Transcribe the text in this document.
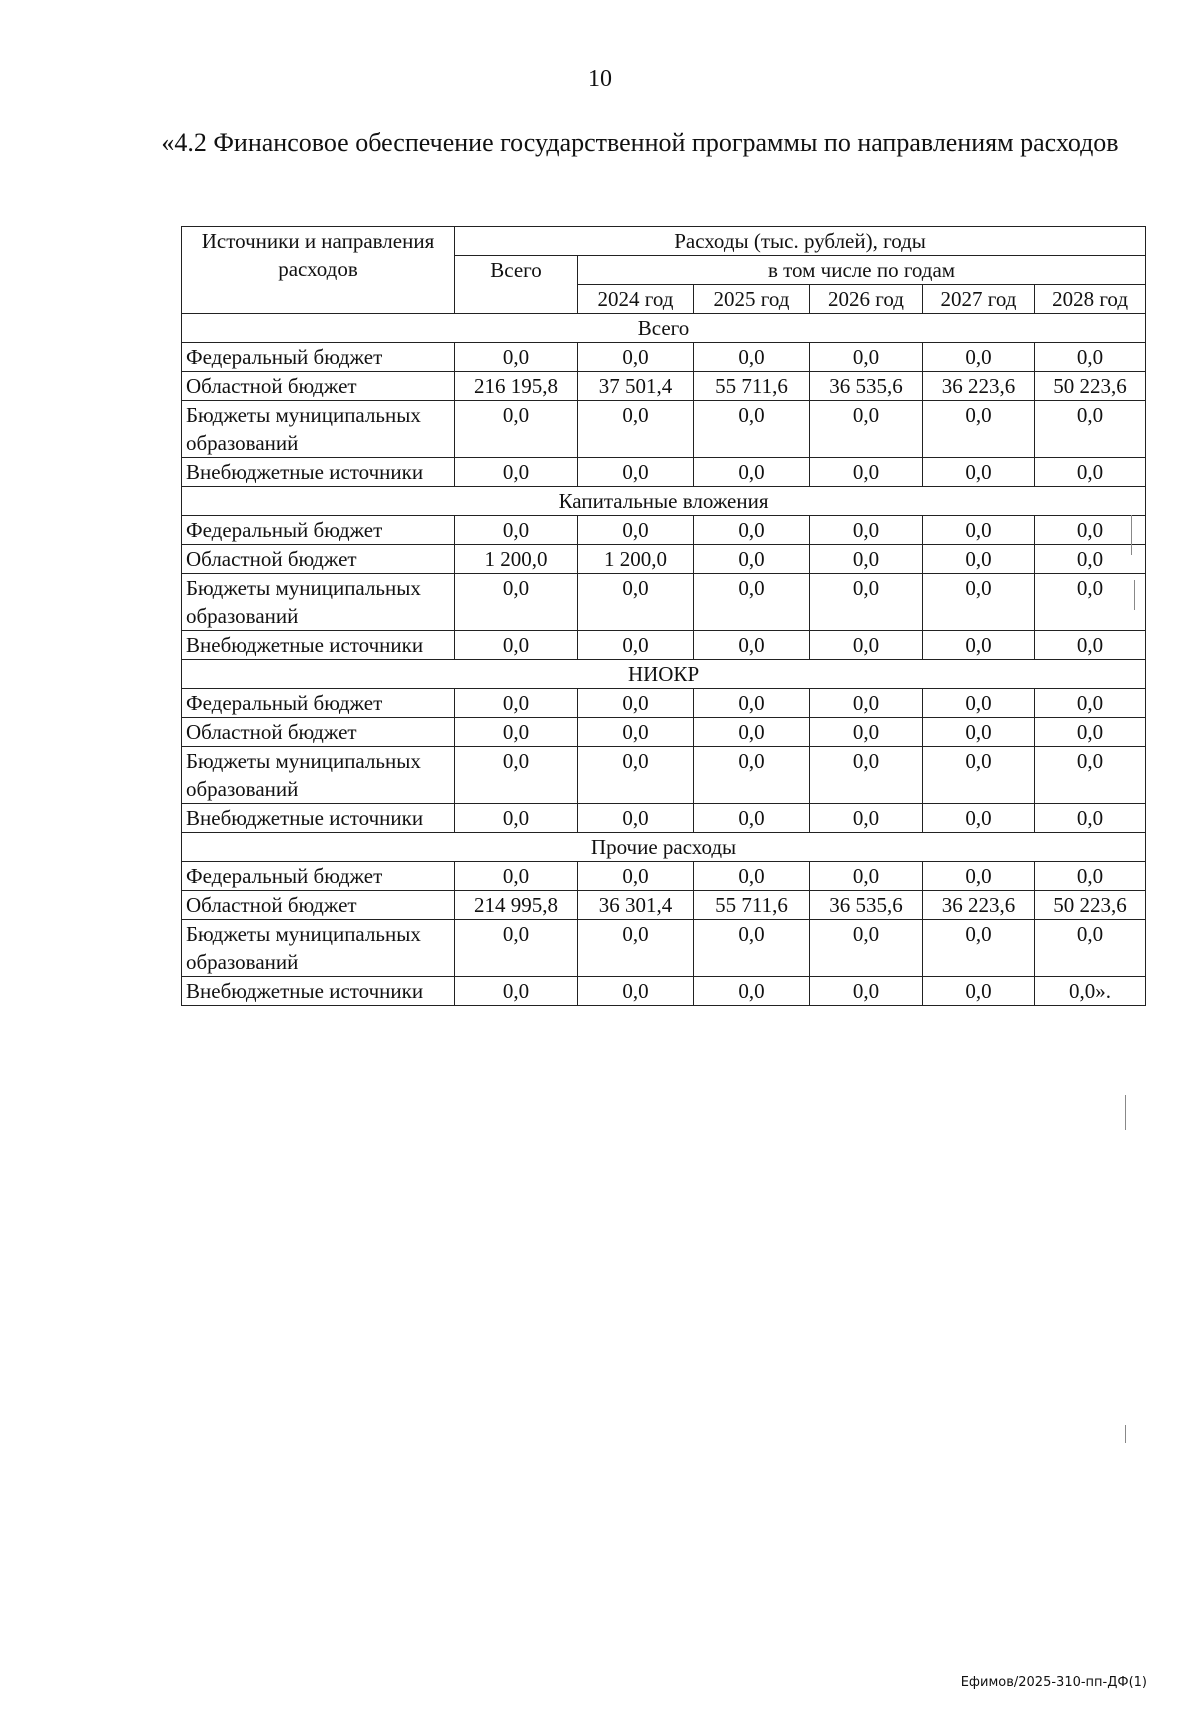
10
«4.2 Финансовое обеспечение государственной программы по направлениям расходов
Источники и направления расходов	Расходы (тыс. рублей), годы					
	Всего	в том числе по годам				
		2024 год	2025 год	2026 год	2027 год	2028 год
Всего						
Федеральный бюджет	0,0	0,0	0,0	0,0	0,0	0,0
Областной бюджет	216 195,8	37 501,4	55 711,6	36 535,6	36 223,6	50 223,6
Бюджеты муниципальных образований	0,0	0,0	0,0	0,0	0,0	0,0
Внебюджетные источники	0,0	0,0	0,0	0,0	0,0	0,0
Капитальные вложения						
Федеральный бюджет	0,0	0,0	0,0	0,0	0,0	0,0
Областной бюджет	1 200,0	1 200,0	0,0	0,0	0,0	0,0
Бюджеты муниципальных образований	0,0	0,0	0,0	0,0	0,0	0,0
Внебюджетные источники	0,0	0,0	0,0	0,0	0,0	0,0
НИОКР						
Федеральный бюджет	0,0	0,0	0,0	0,0	0,0	0,0
Областной бюджет	0,0	0,0	0,0	0,0	0,0	0,0
Бюджеты муниципальных образований	0,0	0,0	0,0	0,0	0,0	0,0
Внебюджетные источники	0,0	0,0	0,0	0,0	0,0	0,0
Прочие расходы						
Федеральный бюджет	0,0	0,0	0,0	0,0	0,0	0,0
Областной бюджет	214 995,8	36 301,4	55 711,6	36 535,6	36 223,6	50 223,6
Бюджеты муниципальных образований	0,0	0,0	0,0	0,0	0,0	0,0
Внебюджетные источники	0,0	0,0	0,0	0,0	0,0	0,0».
Ефимов/2025-310-пп-ДФ(1)
